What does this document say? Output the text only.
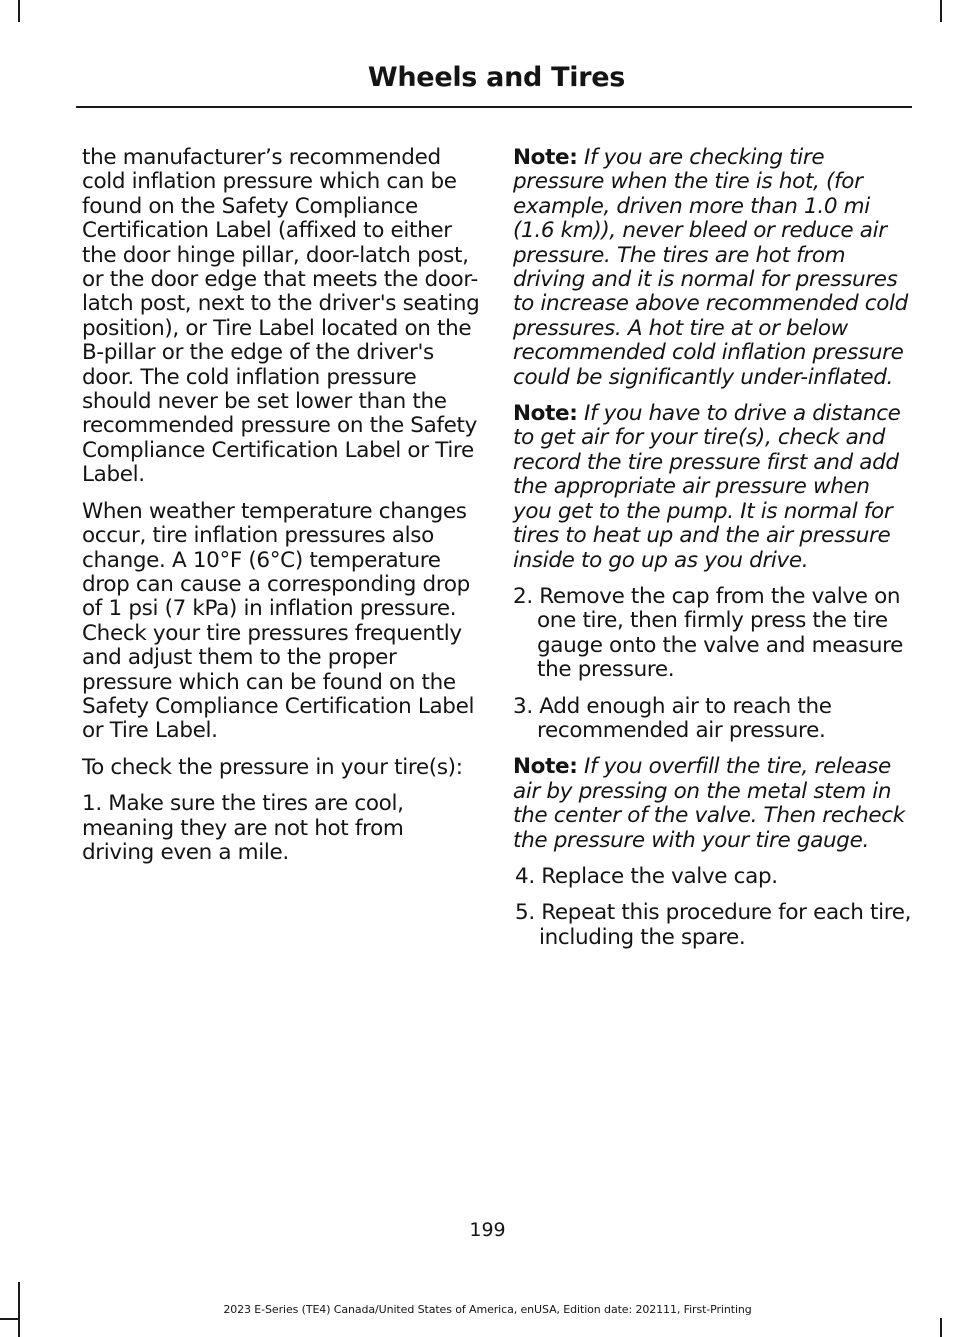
Wheels and Tires

the manufacturer’s recommended cold inflation pressure which can be found on the Safety Compliance Certification Label (affixed to either the door hinge pillar, door-latch post, or the door edge that meets the door-latch post, next to the driver's seating position), or Tire Label located on the B-pillar or the edge of the driver's door. The cold inflation pressure should never be set lower than the recommended pressure on the Safety Compliance Certification Label or Tire Label.

When weather temperature changes occur, tire inflation pressures also change. A 10°F (6°C) temperature drop can cause a corresponding drop of 1 psi (7 kPa) in inflation pressure. Check your tire pressures frequently and adjust them to the proper pressure which can be found on the Safety Compliance Certification Label or Tire Label.

To check the pressure in your tire(s):

1. Make sure the tires are cool, meaning they are not hot from driving even a mile.

Note: If you are checking tire pressure when the tire is hot, (for example, driven more than 1.0 mi (1.6 km)), never bleed or reduce air pressure. The tires are hot from driving and it is normal for pressures to increase above recommended cold pressures. A hot tire at or below recommended cold inflation pressure could be significantly under-inflated.

Note: If you have to drive a distance to get air for your tire(s), check and record the tire pressure first and add the appropriate air pressure when you get to the pump. It is normal for tires to heat up and the air pressure inside to go up as you drive.

2. Remove the cap from the valve on one tire, then firmly press the tire gauge onto the valve and measure the pressure.

3. Add enough air to reach the recommended air pressure.

Note: If you overfill the tire, release air by pressing on the metal stem in the center of the valve. Then recheck the pressure with your tire gauge.

4. Replace the valve cap.

5. Repeat this procedure for each tire, including the spare.

199
2023 E-Series (TE4) Canada/United States of America, enUSA, Edition date: 202111, First-Printing
